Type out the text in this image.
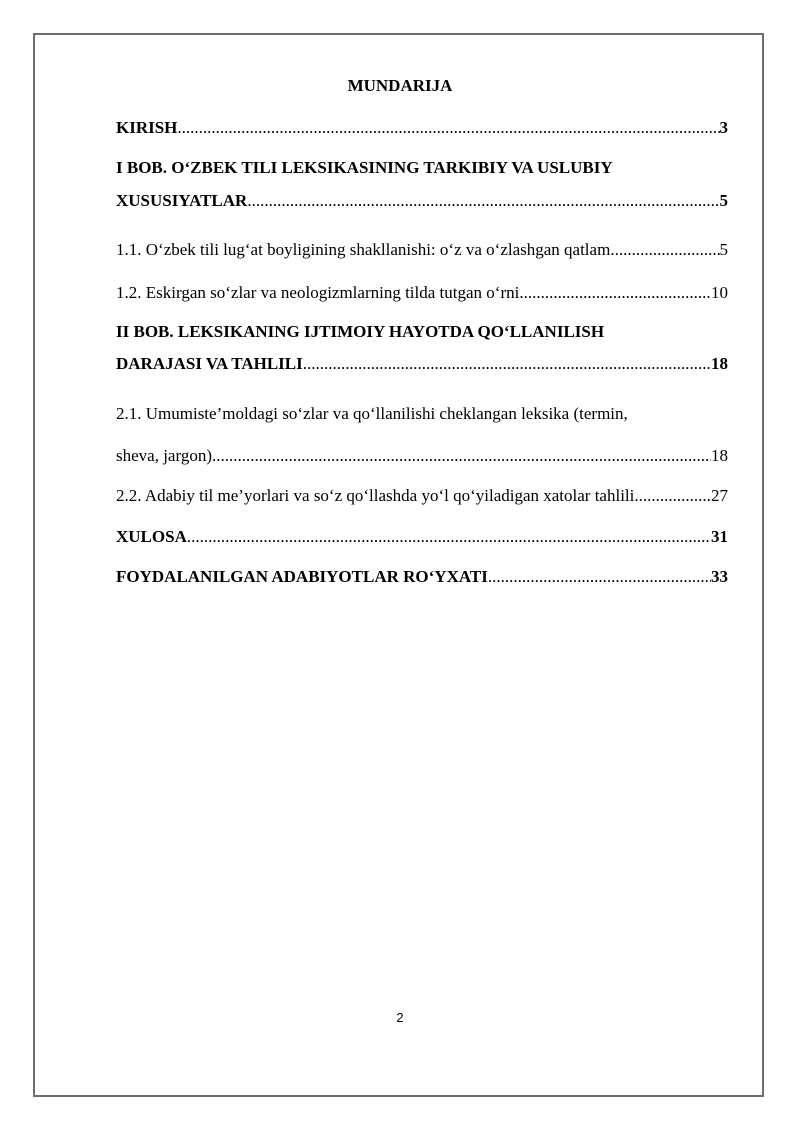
MUNDARIJA
KIRISH .....	3
I BOB. O‘ZBEK TILI LEKSIKASINING TARKIBIY VA USLUBIY
XUSUSIYATLAR .....	5
1.1. O‘zbek tili lug‘at boyligining shakllanishi: o‘z va o‘zlashgan qatlam .....	5
1.2. Eskirgan so‘zlar va neologizmlarning tilda tutgan o‘rni .....	10
II BOB. LEKSIKANING IJTIMOIY HAYOTDA QO‘LLANILISH
DARAJASI VA TAHLILI .....	18
2.1. Umumiste’moldagi so‘zlar va qo‘llanilishi cheklangan leksika (termin,
sheva, jargon) .....	18
2.2. Adabiy til me’yorlari va so‘z qo‘llashda yo‘l qo‘yiladigan xatolar tahlili .....	27
XULOSA .....	31
FOYDALANILGAN ADABIYOTLAR RO‘YXATI .....	33
2
